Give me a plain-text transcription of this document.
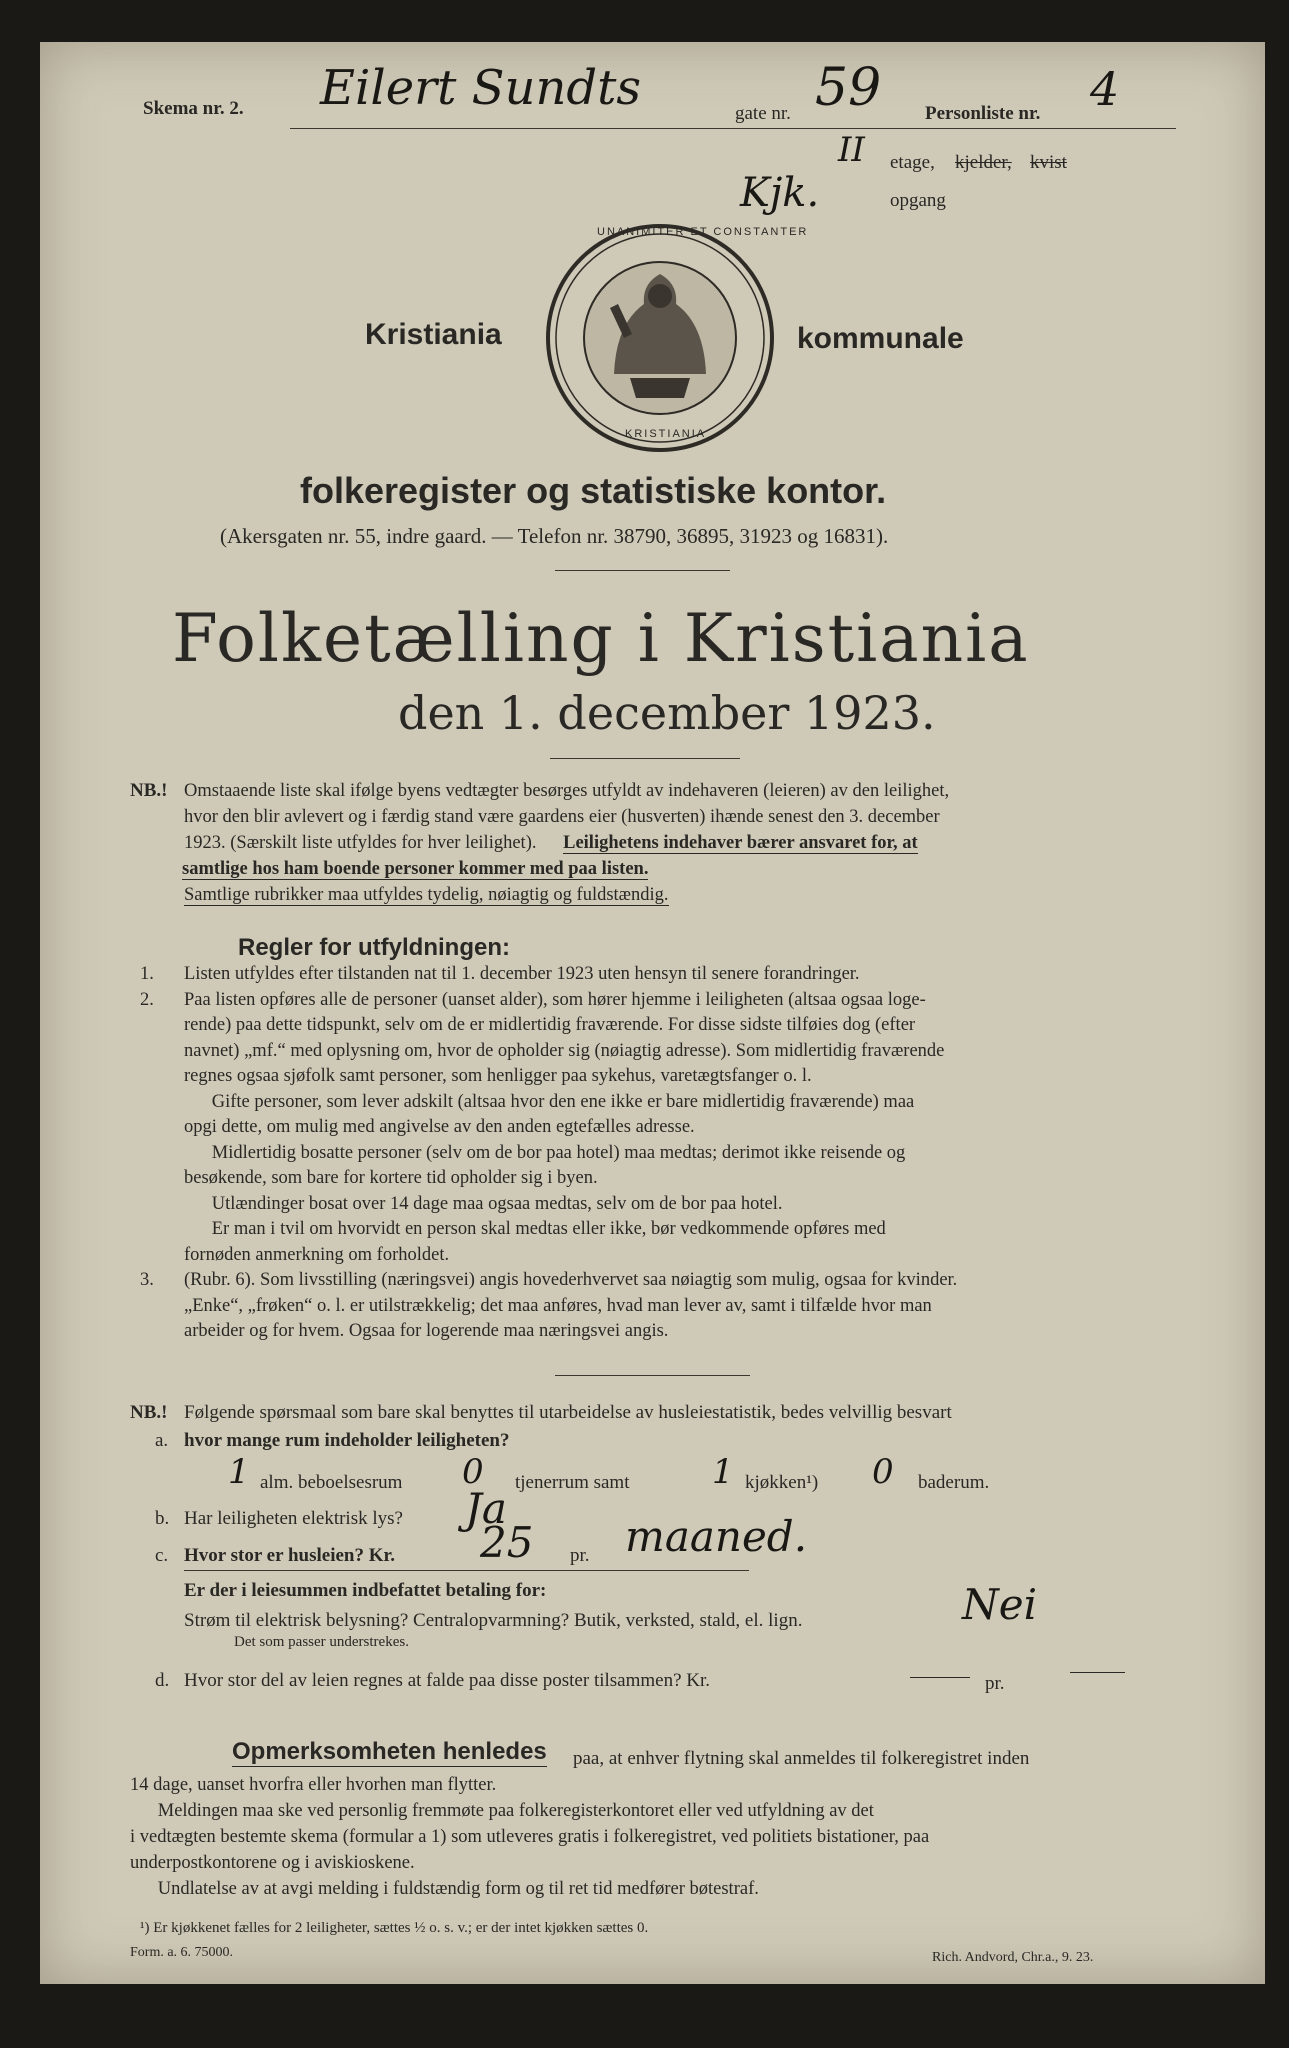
Skema nr. 2. Eilert Sundts	gate nr. 59 Personliste nr. 4
II etage, kjelder, kvist
Kjk.	opgang
Kristiania	kommunale
UNANIMITER ET CONSTANTER
KRISTIANIA
folkeregister og statistiske kontor.
(Akersgaten nr. 55, indre gaard. — Telefon nr. 38790, 36895, 31923 og 16831).
Folketælling i Kristiania
den 1. december 1923.
NB.! Omstaaende liste skal ifølge byens vedtægter besørges utfyldt av indehaveren (leieren) av den leilighet,

hvor den blir avlevert og i færdig stand være gaardens eier (husverten) ihænde senest den 3. december

1923. (Særskilt liste utfyldes for hver leilighet). Leilighetens indehaver bærer ansvaret for, at

samtlige hos ham boende personer kommer med paa listen.

Samtlige rubrikker maa utfyldes tydelig, nøiagtig og fuldstændig.

Regler for utfyldningen:

1. Listen utfyldes efter tilstanden nat til 1. december 1923 uten hensyn til senere forandringer.

2. Paa listen opføres alle de personer (uanset alder), som hører hjemme i leiligheten (altsaa ogsaa loge-

rende) paa dette tidspunkt, selv om de er midlertidig fraværende. For disse sidste tilføies dog (efter

navnet) „mf.“ med oplysning om, hvor de opholder sig (nøiagtig adresse). Som midlertidig fraværende

regnes ogsaa sjøfolk samt personer, som henligger paa sykehus, varetægtsfanger o. l.

Gifte personer, som lever adskilt (altsaa hvor den ene ikke er bare midlertidig fraværende) maa

opgi dette, om mulig med angivelse av den anden egtefælles adresse.

Midlertidig bosatte personer (selv om de bor paa hotel) maa medtas; derimot ikke reisende og

besøkende, som bare for kortere tid opholder sig i byen.

Utlændinger bosat over 14 dage maa ogsaa medtas, selv om de bor paa hotel.

Er man i tvil om hvorvidt en person skal medtas eller ikke, bør vedkommende opføres med

fornøden anmerkning om forholdet.

3. (Rubr. 6). Som livsstilling (næringsvei) angis hovederhvervet saa nøiagtig som mulig, ogsaa for kvinder.

„Enke“, „frøken“ o. l. er utilstrækkelig; det maa anføres, hvad man lever av, samt i tilfælde hvor man

arbeider og for hvem. Ogsaa for logerende maa næringsvei angis.

NB.! Følgende spørsmaal som bare skal benyttes til utarbeidelse av husleiestatistik, bedes velvillig besvart
a. hvor mange rum indeholder leiligheten?
1 alm. beboelsesrum 0 tjenerrum samt 1 kjøkken¹) 0 baderum.
b. Har leiligheten elektrisk lys? Ja
c. Hvor stor er husleien? Kr. 25 pr. maaned.
Er der i leiesummen indbefattet betaling for:
Strøm til elektrisk belysning? Centralopvarmning? Butik, verksted, stald, el. lign.	Nei
Det som passer understrekes.
d. Hvor stor del av leien regnes at falde paa disse poster tilsammen? Kr.	pr.
Opmerksomheten henledes paa, at enhver flytning skal anmeldes til folkeregistret inden

14 dage, uanset hvorfra eller hvorhen man flytter.

Meldingen maa ske ved personlig fremmøte paa folkeregisterkontoret eller ved utfyldning av det

i vedtægten bestemte skema (formular a 1) som utleveres gratis i folkeregistret, ved politiets bistationer, paa

underpostkontorene og i aviskioskene.

Undlatelse av at avgi melding i fuldstændig form og til ret tid medfører bøtestraf.

¹) Er kjøkkenet fælles for 2 leiligheter, sættes ½ o. s. v.; er der intet kjøkken sættes 0.
Form. a. 6. 75000.	Rich. Andvord, Chr.a., 9. 23.
